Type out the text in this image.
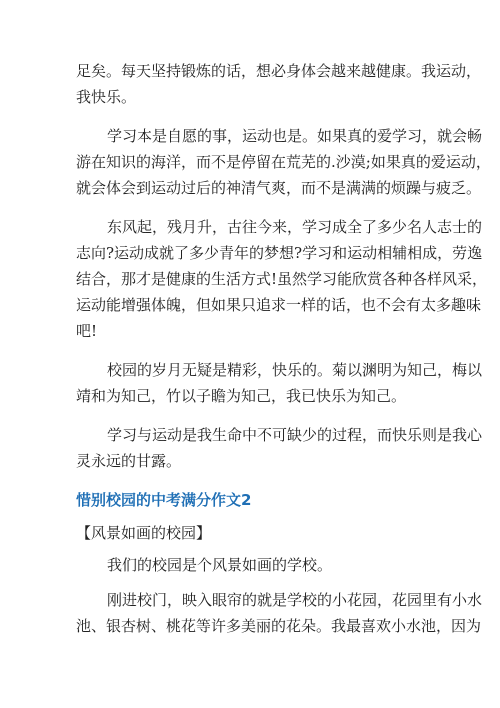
足矣。每天坚持锻炼的话，想必身体会越来越健康。我运动，
我快乐。
学习本是自愿的事，运动也是。如果真的爱学习，就会畅
游在知识的海洋，而不是停留在荒芜的.沙漠;如果真的爱运动，
就会体会到运动过后的神清气爽，而不是满满的烦躁与疲乏。
东风起，残月升，古往今来，学习成全了多少名人志士的
志向?运动成就了多少青年的梦想?学习和运动相辅相成，劳逸
结合，那才是健康的生活方式!虽然学习能欣赏各种各样风采，
运动能增强体魄，但如果只追求一样的话，也不会有太多趣味
吧!
校园的岁月无疑是精彩，快乐的。菊以渊明为知己，梅以
靖和为知己，竹以子瞻为知己，我已快乐为知己。
学习与运动是我生命中不可缺少的过程，而快乐则是我心
灵永远的甘露。
惜别校园的中考满分作文2
【风景如画的校园】
我们的校园是个风景如画的学校。
刚进校门，映入眼帘的就是学校的小花园，花园里有小水
池、银杏树、桃花等许多美丽的花朵。我最喜欢小水池，因为
